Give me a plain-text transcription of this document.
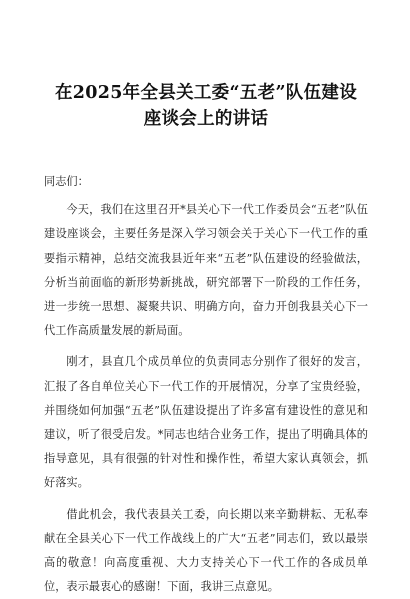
在2025年全县关工委“五老”队伍建设
座谈会上的讲话

同志们：

今天，我们在这里召开*县关心下一代工作委员会“五老”队伍建设座谈会，主要任务是深入学习领会关于关心下一代工作的重要指示精神，总结交流我县近年来“五老”队伍建设的经验做法，分析当前面临的新形势新挑战，研究部署下一阶段的工作任务，进一步统一思想、凝聚共识、明确方向，奋力开创我县关心下一代工作高质量发展的新局面。

刚才，县直几个成员单位的负责同志分别作了很好的发言，汇报了各自单位关心下一代工作的开展情况，分享了宝贵经验，并围绕如何加强“五老”队伍建设提出了许多富有建设性的意见和建议，听了很受启发。*同志也结合业务工作，提出了明确具体的指导意见，具有很强的针对性和操作性，希望大家认真领会，抓好落实。

借此机会，我代表县关工委，向长期以来辛勤耕耘、无私奉献在全县关心下一代工作战线上的广大“五老”同志们，致以最崇高的敬意！向高度重视、大力支持关心下一代工作的各成员单位，表示最衷心的感谢！下面，我讲三点意见。
